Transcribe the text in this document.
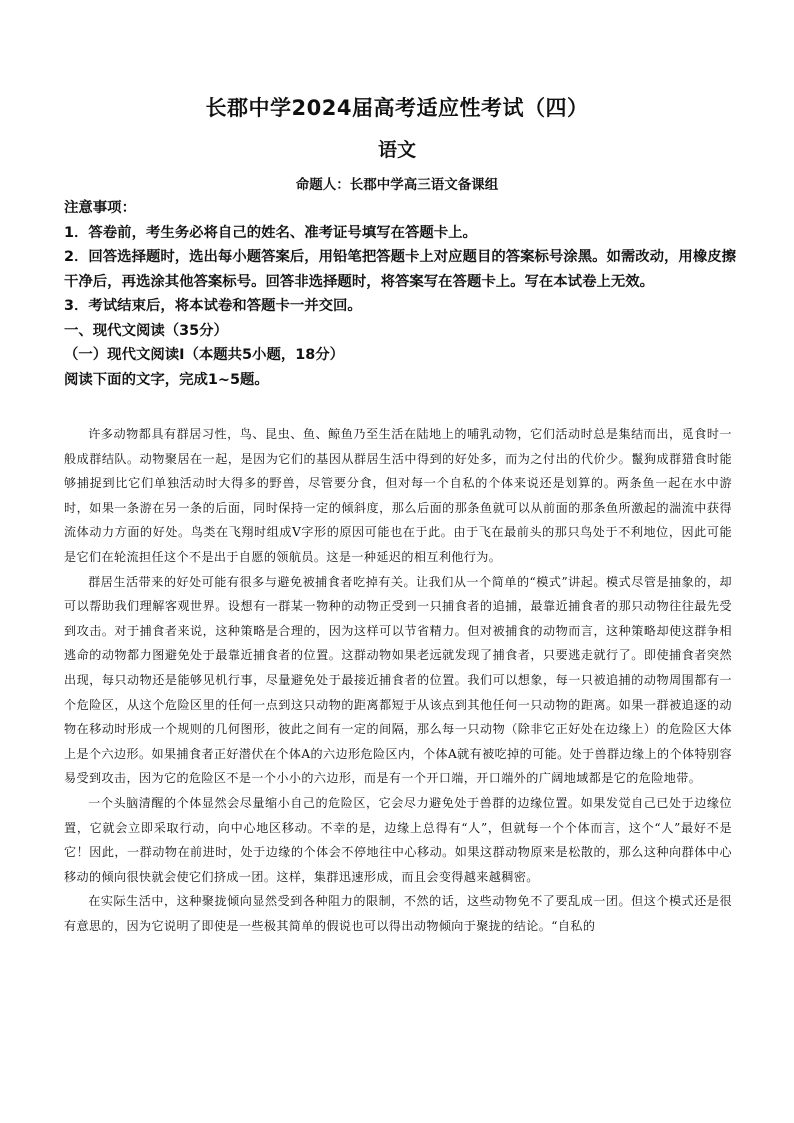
长郡中学2024届高考适应性考试（四）
语文
命题人：长郡中学高三语文备课组
注意事项：
1．答卷前，考生务必将自己的姓名、准考证号填写在答题卡上。
2．回答选择题时，选出每小题答案后，用铅笔把答题卡上对应题目的答案标号涂黑。如需改动，用橡皮擦干净后，再选涂其他答案标号。回答非选择题时，将答案写在答题卡上。写在本试卷上无效。
3．考试结束后，将本试卷和答题卡一并交回。
一、现代文阅读（35分）
（一）现代文阅读Ⅰ（本题共5小题，18分）
阅读下面的文字，完成1~5题。

许多动物都具有群居习性，鸟、昆虫、鱼、鲸鱼乃至生活在陆地上的哺乳动物，它们活动时总是集结而出，觅食时一般成群结队。动物聚居在一起，是因为它们的基因从群居生活中得到的好处多，而为之付出的代价少。鬣狗成群猎食时能够捕捉到比它们单独活动时大得多的野兽，尽管要分食，但对每一个自私的个体来说还是划算的。两条鱼一起在水中游时，如果一条游在另一条的后面，同时保持一定的倾斜度，那么后面的那条鱼就可以从前面的那条鱼所激起的湍流中获得流体动力方面的好处。鸟类在飞翔时组成V字形的原因可能也在于此。由于飞在最前头的那只鸟处于不利地位，因此可能是它们在轮流担任这个不是出于自愿的领航员。这是一种延迟的相互利他行为。

群居生活带来的好处可能有很多与避免被捕食者吃掉有关。让我们从一个简单的“模式”讲起。模式尽管是抽象的，却可以帮助我们理解客观世界。设想有一群某一物种的动物正受到一只捕食者的追捕，最靠近捕食者的那只动物往往最先受到攻击。对于捕食者来说，这种策略是合理的，因为这样可以节省精力。但对被捕食的动物而言，这种策略却使这群争相逃命的动物都力图避免处于最靠近捕食者的位置。这群动物如果老远就发现了捕食者，只要逃走就行了。即使捕食者突然出现，每只动物还是能够见机行事，尽量避免处于最接近捕食者的位置。我们可以想象，每一只被追捕的动物周围都有一个危险区，从这个危险区里的任何一点到这只动物的距离都短于从该点到其他任何一只动物的距离。如果一群被追逐的动物在移动时形成一个规则的几何图形，彼此之间有一定的间隔，那么每一只动物（除非它正好处在边缘上）的危险区大体上是个六边形。如果捕食者正好潜伏在个体A的六边形危险区内，个体A就有被吃掉的可能。处于兽群边缘上的个体特别容易受到攻击，因为它的危险区不是一个小小的六边形，而是有一个开口端，开口端外的广阔地域都是它的危险地带。

一个头脑清醒的个体显然会尽量缩小自己的危险区，它会尽力避免处于兽群的边缘位置。如果发觉自己已处于边缘位置，它就会立即采取行动，向中心地区移动。不幸的是，边缘上总得有“人”，但就每一个个体而言，这个“人”最好不是它！因此，一群动物在前进时，处于边缘的个体会不停地往中心移动。如果这群动物原来是松散的，那么这种向群体中心移动的倾向很快就会使它们挤成一团。这样，集群迅速形成，而且会变得越来越稠密。

在实际生活中，这种聚拢倾向显然受到各种阻力的限制，不然的话，这些动物免不了要乱成一团。但这个模式还是很有意思的，因为它说明了即使是一些极其简单的假说也可以得出动物倾向于聚拢的结论。“自私的
